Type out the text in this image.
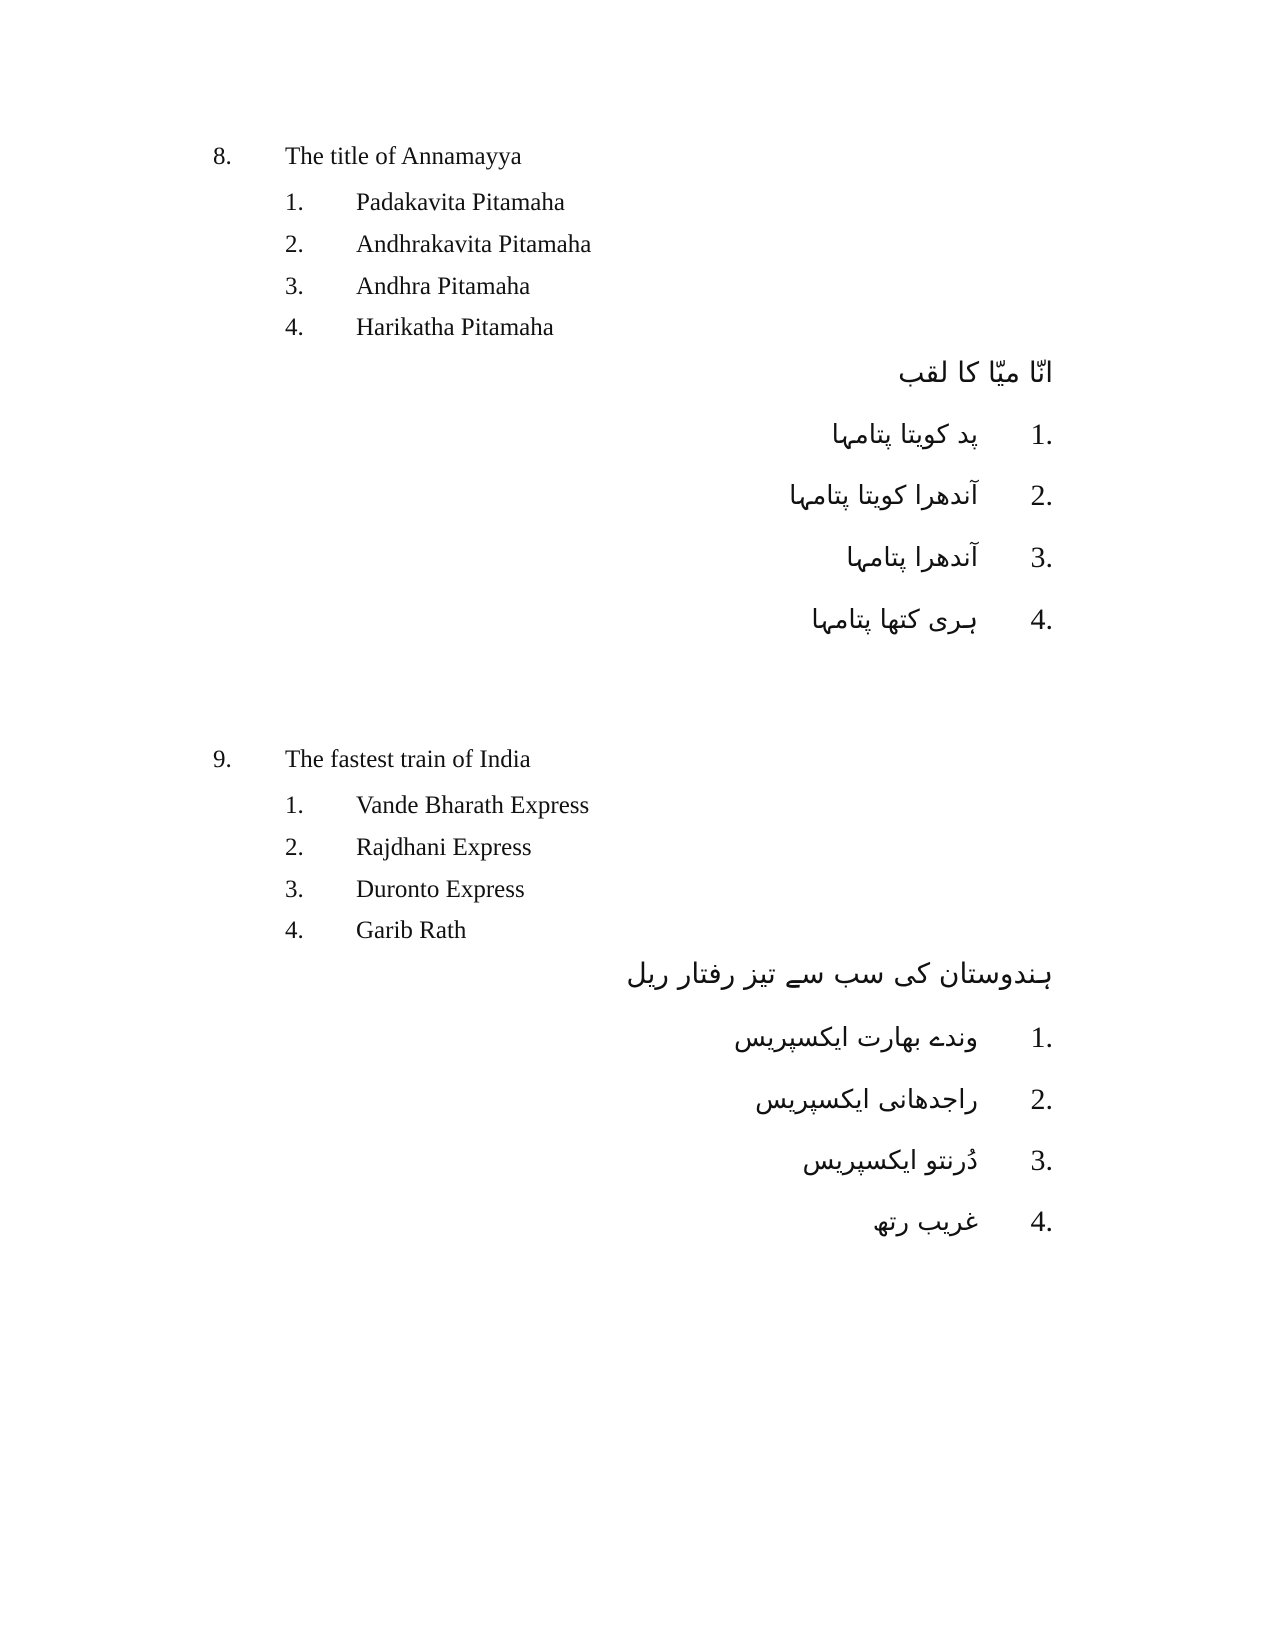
8. The title of Annamayya
1. Padakavita Pitamaha
2. Andhrakavita Pitamaha
3. Andhra Pitamaha
4. Harikatha Pitamaha
انّا میّا کا لقب
1.
پد کویتا پتامہا
2.
آندھرا کویتا پتامہا
3.
آندھرا پتامہا
4.
ہری کتھا پتامہا
9. The fastest train of India
1. Vande Bharath Express
2. Rajdhani Express
3. Duronto Express
4. Garib Rath
ہندوستان کی سب سے تیز رفتار ریل
1.
وندے بھارت ایکسپریس
2.
راجدھانی ایکسپریس
3.
دُرنتو ایکسپریس
4.
غریب رتھ
